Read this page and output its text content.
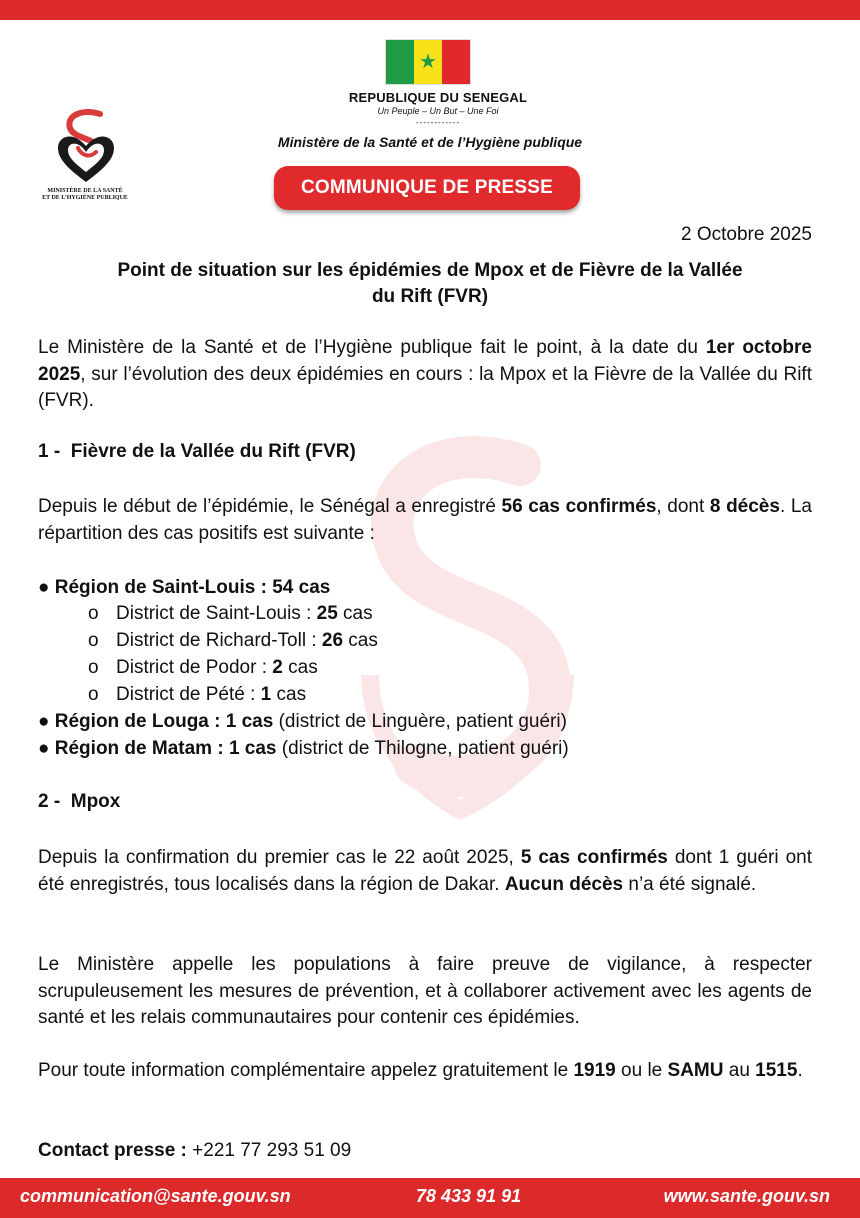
★
REPUBLIQUE DU SENEGAL
Un Peuple – Un But – Une Foi
------------
Ministère de la Santé et de l’Hygiène publique
MINISTÈRE DE LA SANTÉ
ET DE L’HYGIÈNE PUBLIQUE	COMMUNIQUE DE PRESSE
2 Octobre 2025
Point de situation sur les épidémies de Mpox et de Fièvre de la Vallée
du Rift (FVR)
Le Ministère de la Santé et de l’Hygiène publique fait le point, à la date du 1er octobre 2025, sur l’évolution des deux épidémies en cours : la Mpox et la Fièvre de la Vallée du Rift (FVR).
1 - Fièvre de la Vallée du Rift (FVR)
Depuis le début de l’épidémie, le Sénégal a enregistré 56 cas confirmés, dont 8 décès. La répartition des cas positifs est suivante :
● Région de Saint-Louis : 54 cas
o District de Saint-Louis : 25 cas
o District de Richard-Toll : 26 cas
o District de Podor : 2 cas
o District de Pété : 1 cas
● Région de Louga : 1 cas (district de Linguère, patient guéri)
● Région de Matam : 1 cas (district de Thilogne, patient guéri)
2 - Mpox
Depuis la confirmation du premier cas le 22 août 2025, 5 cas confirmés dont 1 guéri ont été enregistrés, tous localisés dans la région de Dakar. Aucun décès n’a été signalé.
Le Ministère appelle les populations à faire preuve de vigilance, à respecter scrupuleusement les mesures de prévention, et à collaborer activement avec les agents de santé et les relais communautaires pour contenir ces épidémies.
Pour toute information complémentaire appelez gratuitement le 1919 ou le SAMU au 1515.
Contact presse : +221 77 293 51 09
communication@sante.gouv.sn	78 433 91 91	www.sante.gouv.sn
